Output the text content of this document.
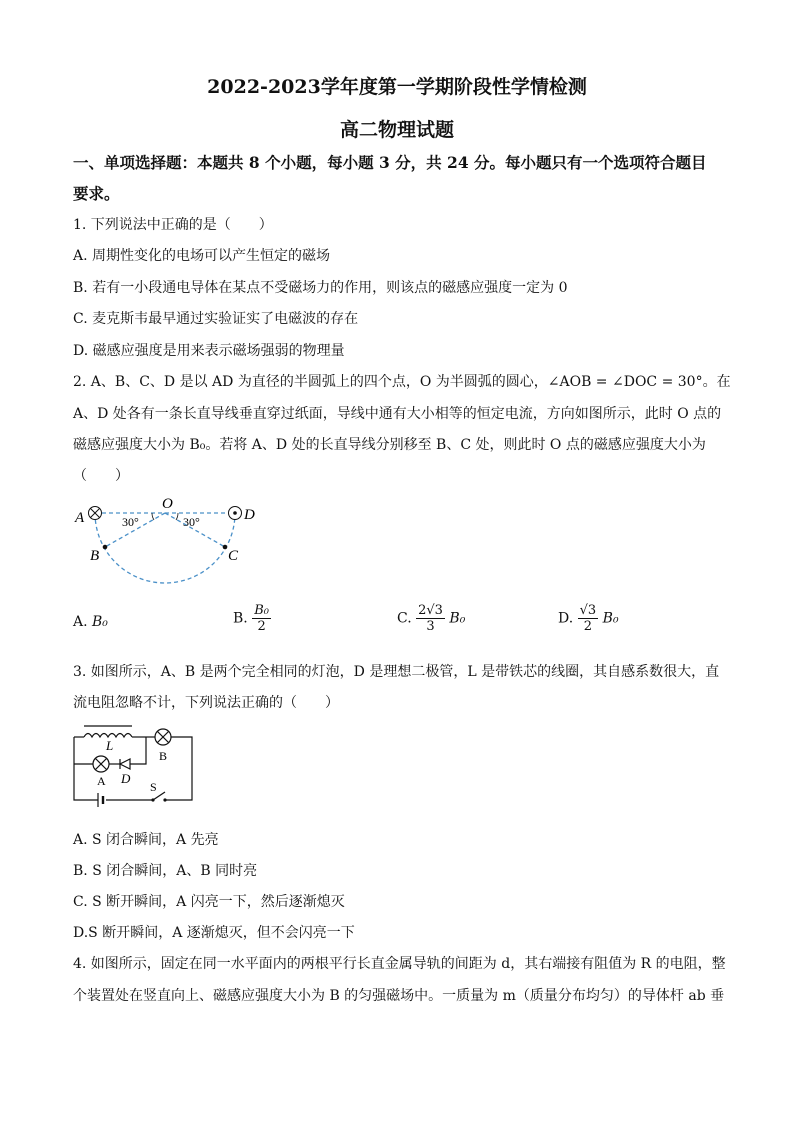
2022-2023学年度第一学期阶段性学情检测
高二物理试题
一、单项选择题：本题共 8 个小题，每小题 3 分，共 24 分。每小题只有一个选项符合题目
要求。
1. 下列说法中正确的是（　　）
A. 周期性变化的电场可以产生恒定的磁场
B. 若有一小段通电导体在某点不受磁场力的作用，则该点的磁感应强度一定为 0
C. 麦克斯韦最早通过实验证实了电磁波的存在
D. 磁感应强度是用来表示磁场强弱的物理量
2. A、B、C、D 是以 AD 为直径的半圆弧上的四个点，O 为半圆弧的圆心，∠AOB = ∠DOC = 30°。在
A、D 处各有一条长直导线垂直穿过纸面，导线中通有大小相等的恒定电流，方向如图所示，此时 O 点的
磁感应强度大小为 B₀。若将 A、D 处的长直导线分别移至 B、C 处，则此时 O 点的磁感应强度大小为
（　　）
A	D
O
B	C
30°	30°
A. B₀	B. $\frac{\text{B₀}}{2}$	C. $\frac{2√3}{3} B_0$	D. $\frac{√3}{2} B_0$
3. 如图所示，A、B 是两个完全相同的灯泡，D 是理想二极管，L 是带铁芯的线圈，其自感系数很大，直
流电阻忽略不计，下列说法正确的（　　）
L
B
A D
S
A. S 闭合瞬间，A 先亮
B. S 闭合瞬间，A、B 同时亮
C. S 断开瞬间，A 闪亮一下，然后逐渐熄灭
D.S 断开瞬间，A 逐渐熄灭，但不会闪亮一下
4. 如图所示，固定在同一水平面内的两根平行长直金属导轨的间距为 d，其右端接有阻值为 R 的电阻，整
个装置处在竖直向上、磁感应强度大小为 B 的匀强磁场中。一质量为 m（质量分布均匀）的导体杆 ab 垂
